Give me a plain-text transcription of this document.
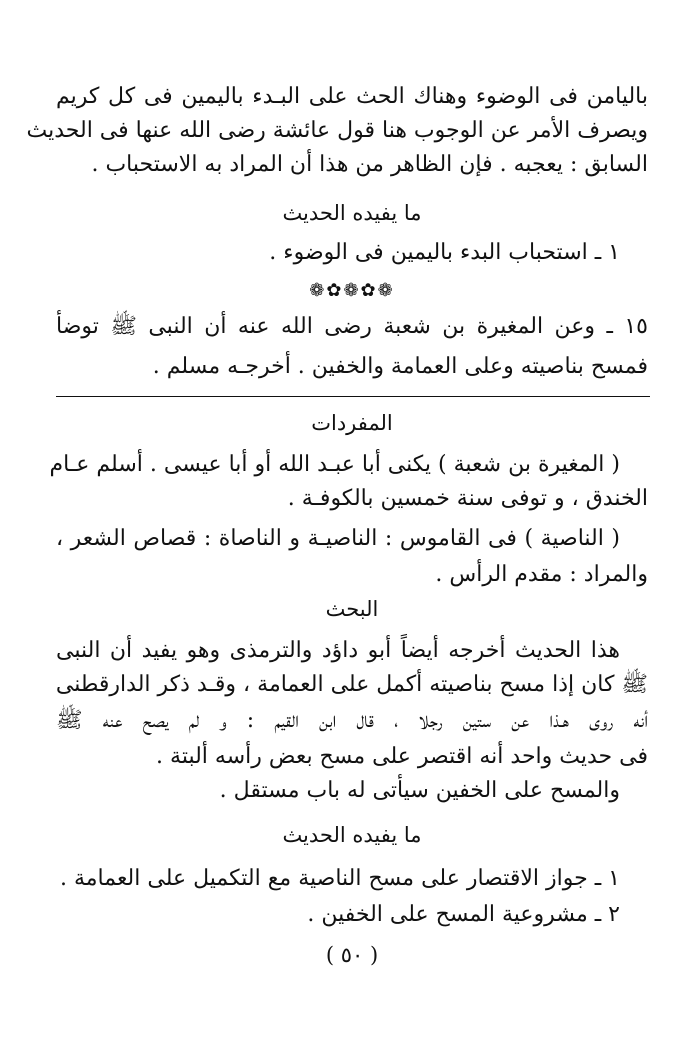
باليامن فى الوضوء وهناك الحث على البـدء باليمين فى كل كريم
ويصرف الأمر عن الوجوب هنا قول عائشة رضى الله عنها فى الحديث
السابق : يعجبه . فإن الظاهر من هذا أن المراد به الاستحباب .
ما يفيده الحديث
١ ـ استحباب البدء باليمين فى الوضوء .
❁✿❁✿❁
١٥ ـ وعن المغيرة بن شعبة رضى الله عنه أن النبى ﷺ توضأ
فمسح بناصيته وعلى العمامة والخفين . أخرجـه مسلم .
المفردات
( المغيرة بن شعبة ) يكنى أبا عبـد الله أو أبا عيسى . أسلم عـام
الخندق ، و توفى سنة خمسين بالكوفـة .
( الناصية ) فى القاموس : الناصيـة و الناصاة : قصاص الشعر ،
والمراد : مقدم الرأس .
البحث
هذا الحديث أخرجه أيضاً أبو داؤد والترمذى وهو يفيد أن النبى
ﷺ كان إذا مسح بناصيته أكمل على العمامة ، وقـد ذكر الدارقطنى
أنه روى هـذا عن ستين رجلا ، قال ابن القيم : و لم يصح عنه ﷺ
فى حديث واحد أنه اقتصر على مسح بعض رأسه ألبتة .
والمسح على الخفين سيأتى له باب مستقل .
ما يفيده الحديث
١ ـ جواز الاقتصار على مسح الناصية مع التكميل على العمامة .
٢ ـ مشروعية المسح على الخفين .
( ٥٠ )
